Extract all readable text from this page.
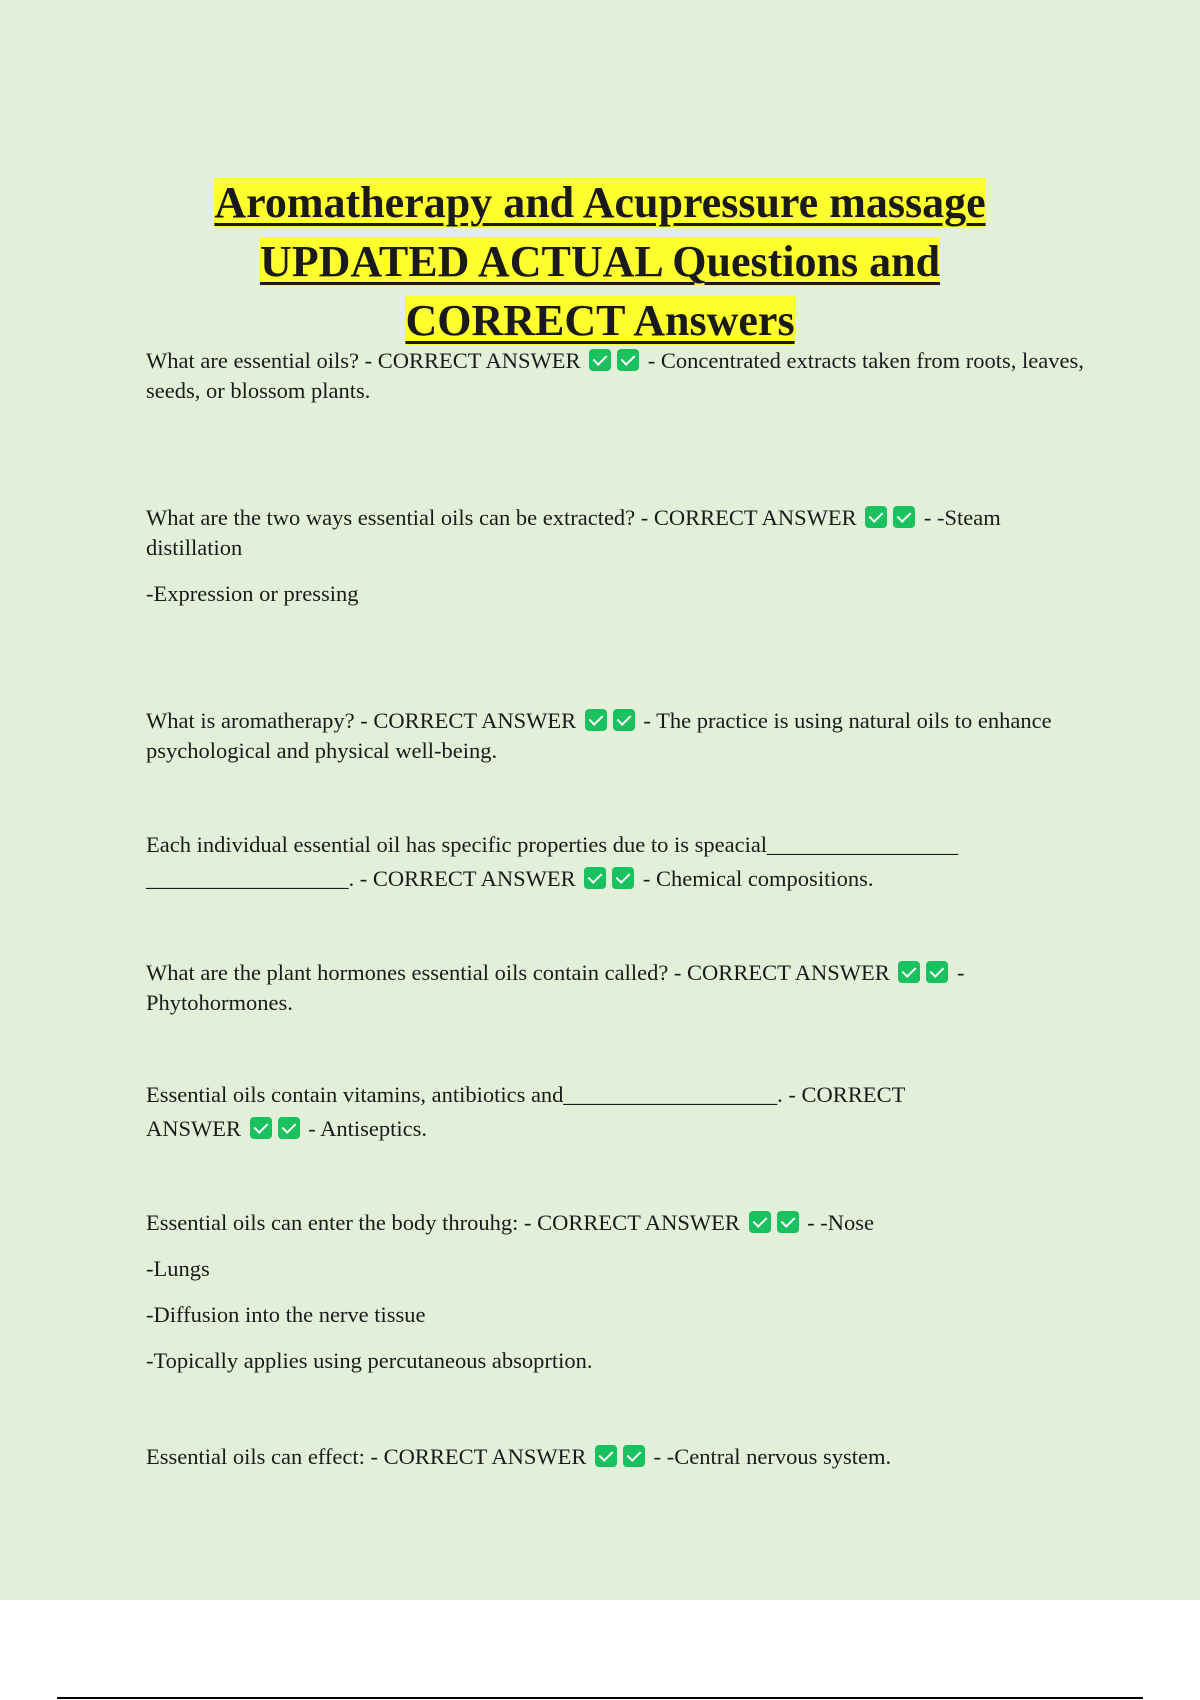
Aromatherapy and Acupressure massage
UPDATED ACTUAL Questions and
CORRECT Answers

What are essential oils? - CORRECT ANSWER	- Concentrated extracts taken from roots, leaves, seeds, or blossom plants.

What are the two ways essential oils can be extracted? - CORRECT ANSWER	- -Steam distillation

-Expression or pressing

What is aromatherapy? - CORRECT ANSWER	- The practice is using natural oils to enhance psychological and physical well-being.

Each individual essential oil has specific properties due to is speacial_________________

__________________. - CORRECT ANSWER	- Chemical compositions.

What are the plant hormones essential oils contain called? - CORRECT ANSWER	- Phytohormones.

Essential oils contain vitamins, antibiotics and___________________. - CORRECT

ANSWER	- Antiseptics.

Essential oils can enter the body throuhg: - CORRECT ANSWER	- -Nose

-Lungs

-Diffusion into the nerve tissue

-Topically applies using percutaneous absoprtion.

Essential oils can effect: - CORRECT ANSWER	- -Central nervous system.
